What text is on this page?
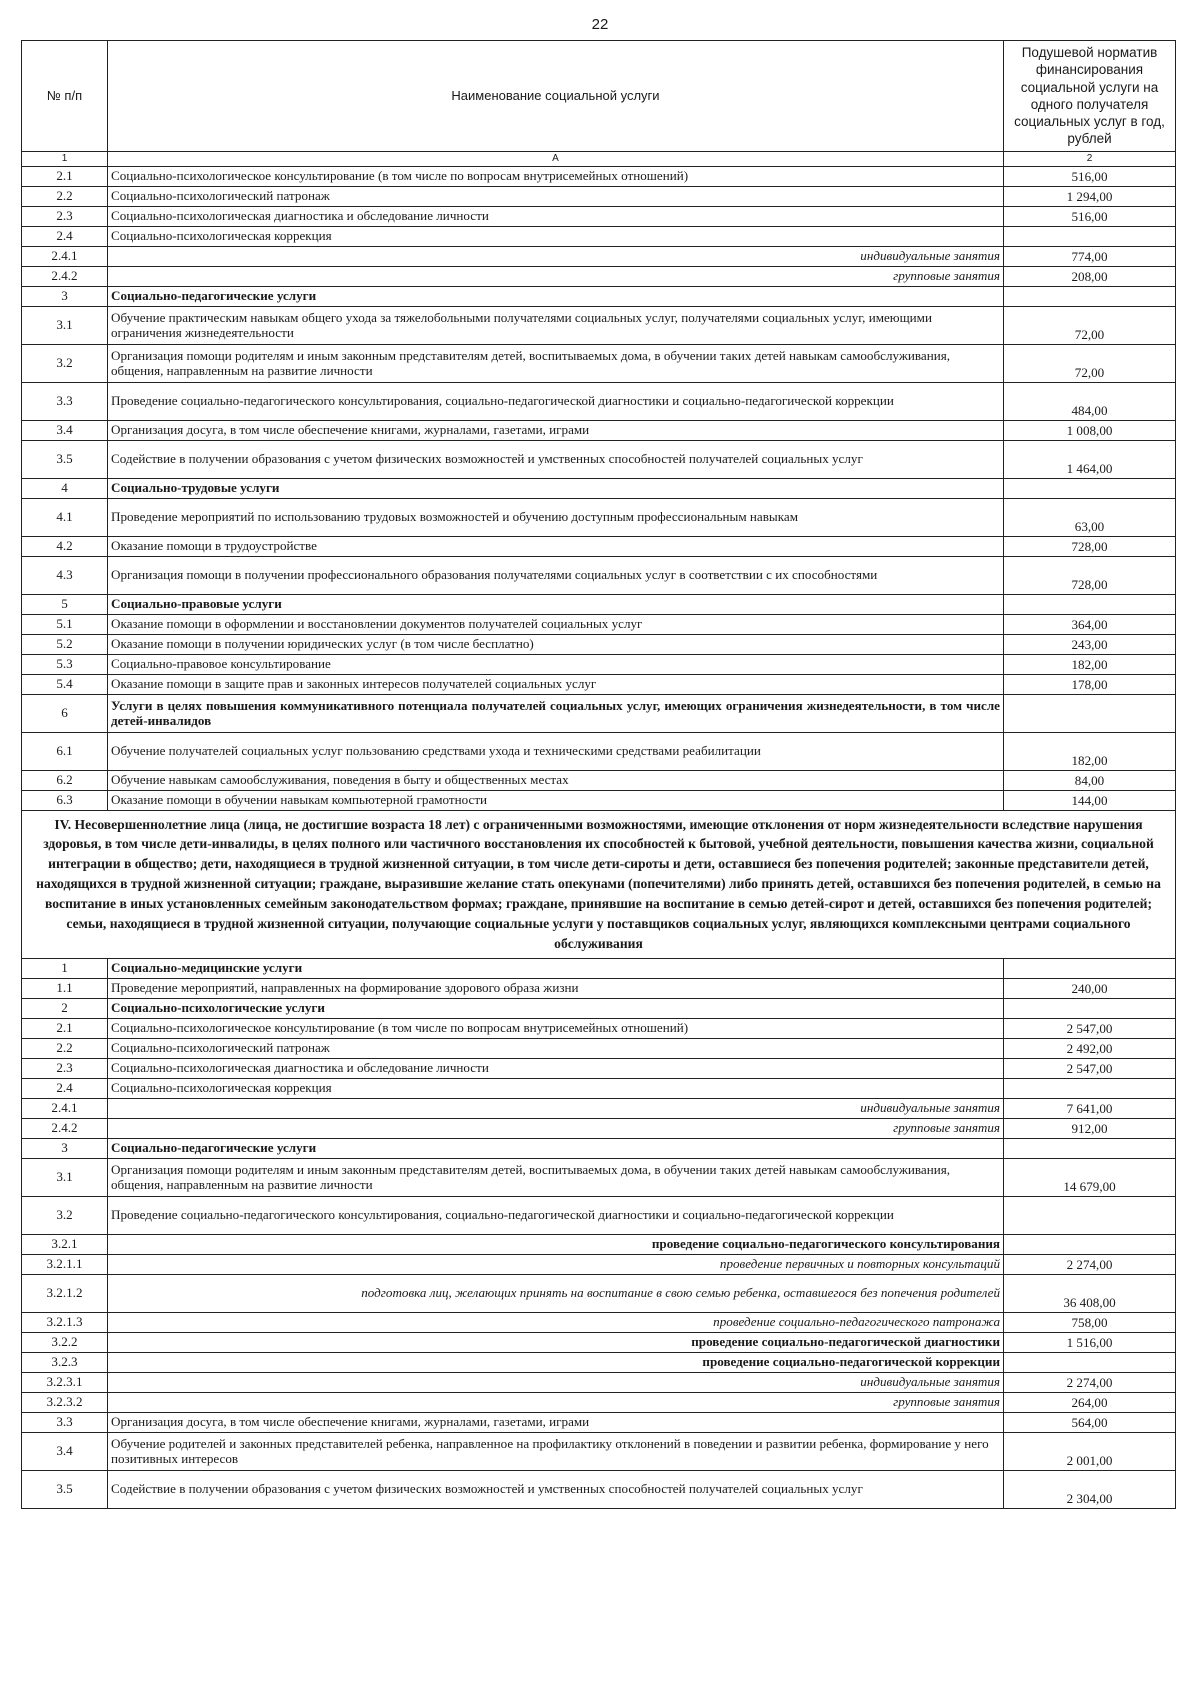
22
№ п/п	Наименование социальной услуги	Подушевой норматив финансирования социальной услуги на одного получателя социальных услуг в год, рублей
1	А	2
2.1	Социально-психологическое консультирование (в том числе по вопросам внутрисемейных отношений)	516,00
2.2	Социально-психологический патронаж	1 294,00
2.3	Социально-психологическая диагностика и обследование личности	516,00
2.4	Социально-психологическая коррекция	
2.4.1	индивидуальные занятия	774,00
2.4.2	групповые занятия	208,00
3	Социально-педагогические услуги	
3.1	Обучение практическим навыкам общего ухода за тяжелобольными получателями социальных услуг, получателями социальных услуг, имеющими ограничения жизнедеятельности	72,00
3.2	Организация помощи родителям и иным законным представителям детей, воспитываемых дома, в обучении таких детей навыкам самообслуживания, общения, направленным на развитие личности	72,00
3.3	Проведение социально-педагогического консультирования, социально-педагогической диагностики и социально-педагогической коррекции	484,00
3.4	Организация досуга, в том числе обеспечение книгами, журналами, газетами, играми	1 008,00
3.5	Содействие в получении образования с учетом физических возможностей и умственных способностей получателей социальных услуг	1 464,00
4	Социально-трудовые услуги	
4.1	Проведение мероприятий по использованию трудовых возможностей и обучению доступным профессиональным навыкам	63,00
4.2	Оказание помощи в трудоустройстве	728,00
4.3	Организация помощи в получении профессионального образования получателями социальных услуг в соответствии с их способностями	728,00
5	Социально-правовые услуги	
5.1	Оказание помощи в оформлении и восстановлении документов получателей социальных услуг	364,00
5.2	Оказание помощи в получении юридических услуг (в том числе бесплатно)	243,00
5.3	Социально-правовое консультирование	182,00
5.4	Оказание помощи в защите прав и законных интересов получателей социальных услуг	178,00
6	Услуги в целях повышения коммуникативного потенциала получателей социальных услуг, имеющих ограничения жизнедеятельности, в том числе детей-инвалидов	
6.1	Обучение получателей социальных услуг пользованию средствами ухода и техническими средствами реабилитации	182,00
6.2	Обучение навыкам самообслуживания, поведения в быту и общественных местах	84,00
6.3	Оказание помощи в обучении навыкам компьютерной грамотности	144,00
IV. Несовершеннолетние лица (лица, не достигшие возраста 18 лет) с ограниченными возможностями, имеющие отклонения от норм жизнедеятельности вследствие нарушения здоровья, в том числе дети-инвалиды, в целях полного или частичного восстановления их способностей к бытовой, учебной деятельности, повышения качества жизни, социальной интеграции в общество; дети, находящиеся в трудной жизненной ситуации, в том числе дети-сироты и дети, оставшиеся без попечения родителей; законные представители детей, находящихся в трудной жизненной ситуации; граждане, выразившие желание стать опекунами (попечителями) либо принять детей, оставшихся без попечения родителей, в семью на воспитание в иных установленных семейным законодательством формах; граждане, принявшие на воспитание в семью детей-сирот и детей, оставшихся без попечения родителей; семьи, находящиеся в трудной жизненной ситуации, получающие социальные услуги у поставщиков социальных услуг, являющихся комплексными центрами социального обслуживания		
1	Социально-медицинские услуги	
1.1	Проведение мероприятий, направленных на формирование здорового образа жизни	240,00
2	Социально-психологические услуги	
2.1	Социально-психологическое консультирование (в том числе по вопросам внутрисемейных отношений)	2 547,00
2.2	Социально-психологический патронаж	2 492,00
2.3	Социально-психологическая диагностика и обследование личности	2 547,00
2.4	Социально-психологическая коррекция	
2.4.1	индивидуальные занятия	7 641,00
2.4.2	групповые занятия	912,00
3	Социально-педагогические услуги	
3.1	Организация помощи родителям и иным законным представителям детей, воспитываемых дома, в обучении таких детей навыкам самообслуживания, общения, направленным на развитие личности	14 679,00
3.2	Проведение социально-педагогического консультирования, социально-педагогической диагностики и социально-педагогической коррекции	
3.2.1	проведение социально-педагогического консультирования	
3.2.1.1	проведение первичных и повторных консультаций	2 274,00
3.2.1.2	подготовка лиц, желающих принять на воспитание в свою семью ребенка, оставшегося без попечения родителей	36 408,00
3.2.1.3	проведение социально-педагогического патронажа	758,00
3.2.2	проведение социально-педагогической диагностики	1 516,00
3.2.3	проведение социально-педагогической коррекции	
3.2.3.1	индивидуальные занятия	2 274,00
3.2.3.2	групповые занятия	264,00
3.3	Организация досуга, в том числе обеспечение книгами, журналами, газетами, играми	564,00
3.4	Обучение родителей и законных представителей ребенка, направленное на профилактику отклонений в поведении и развитии ребенка, формирование у него позитивных интересов	2 001,00
3.5	Содействие в получении образования с учетом физических возможностей и умственных способностей получателей социальных услуг	2 304,00
